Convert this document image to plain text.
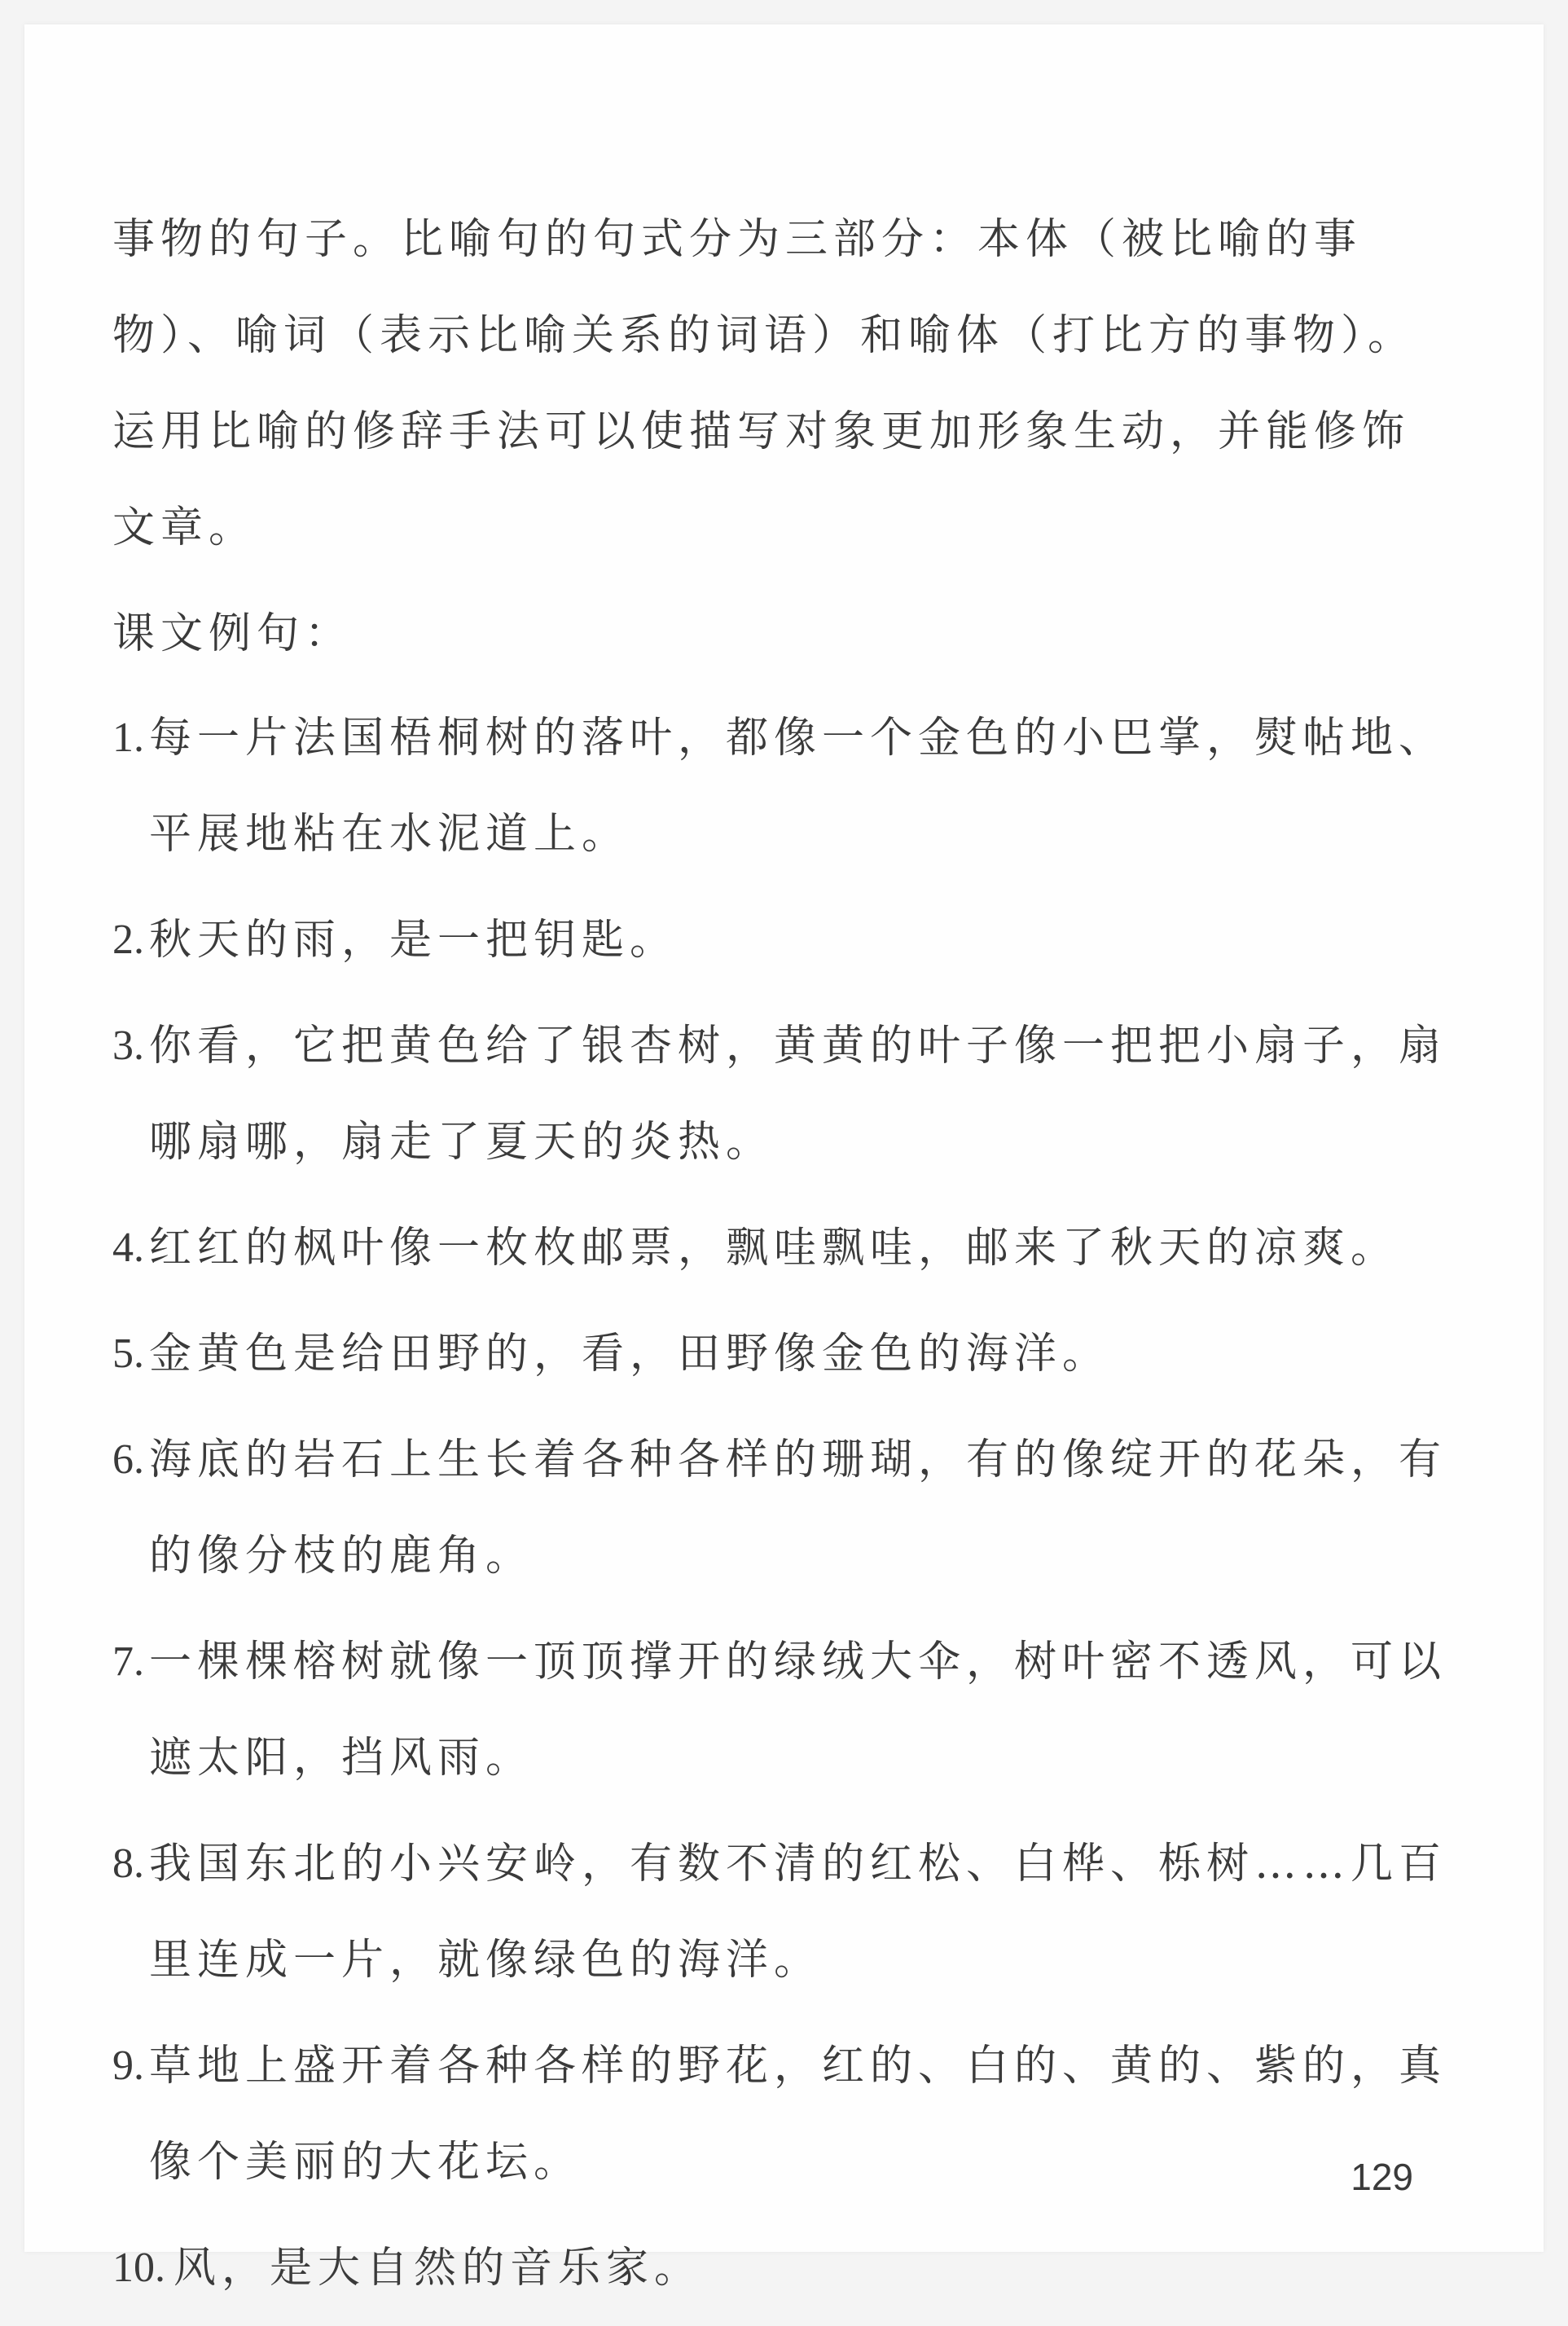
事物的句子。比喻句的句式分为三部分：本体（被比喻的事物）、喻词（表示比喻关系的词语）和喻体（打比方的事物）。运用比喻的修辞手法可以使描写对象更加形象生动，并能修饰文章。

课文例句：

1. 每一片法国梧桐树的落叶，都像一个金色的小巴掌，熨帖地、平展地粘在水泥道上。
2. 秋天的雨，是一把钥匙。
3. 你看，它把黄色给了银杏树，黄黄的叶子像一把把小扇子，扇哪扇哪，扇走了夏天的炎热。
4. 红红的枫叶像一枚枚邮票，飘哇飘哇，邮来了秋天的凉爽。
5. 金黄色是给田野的，看，田野像金色的海洋。
6. 海底的岩石上生长着各种各样的珊瑚，有的像绽开的花朵，有的像分枝的鹿角。
7. 一棵棵榕树就像一顶顶撑开的绿绒大伞，树叶密不透风，可以遮太阳，挡风雨。
8. 我国东北的小兴安岭，有数不清的红松、白桦、栎树……几百里连成一片，就像绿色的海洋。
9. 草地上盛开着各种各样的野花，红的、白的、黄的、紫的，真像个美丽的大花坛。
10. 风，是大自然的音乐家。
129
